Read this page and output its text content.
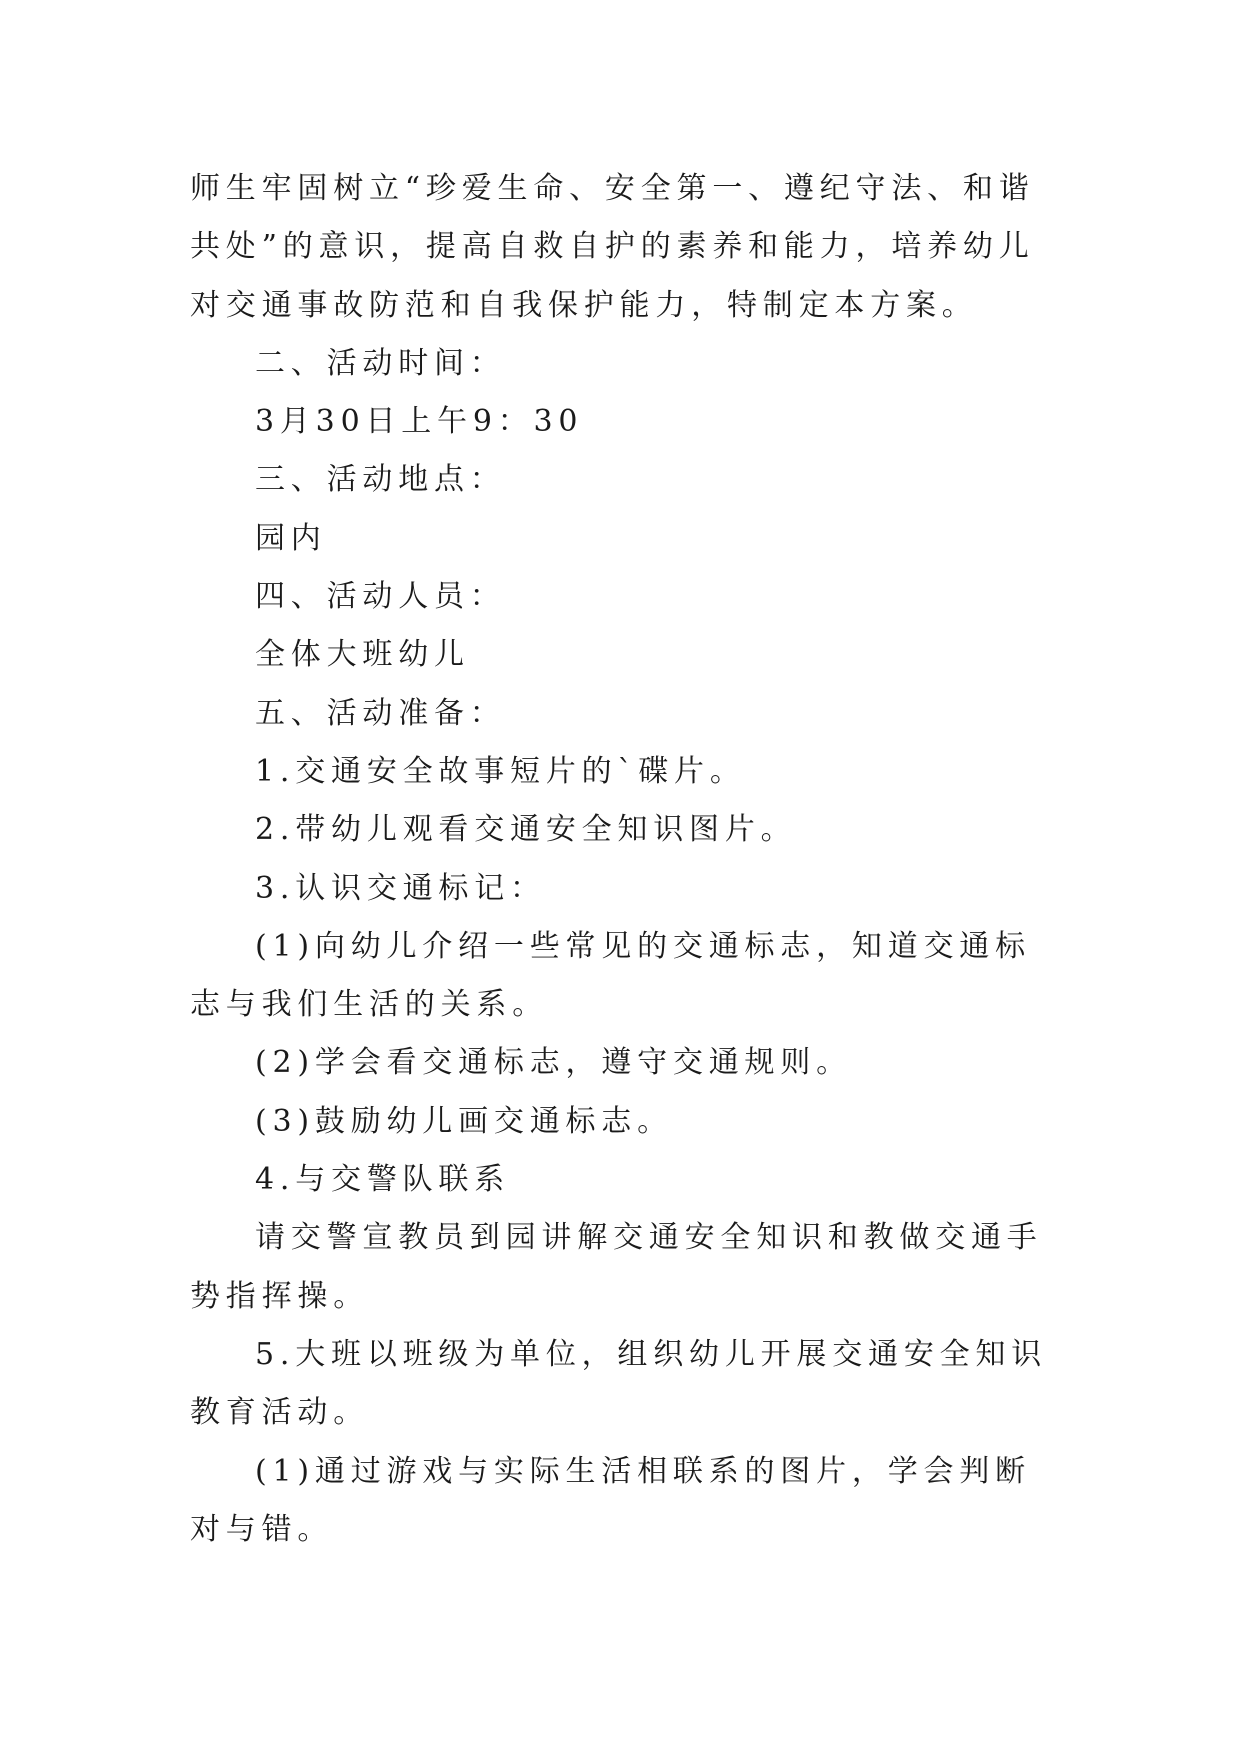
师生牢固树立“珍爱生命、安全第一、遵纪守法、和谐共处”的意识，提高自救自护的素养和能力，培养幼儿对交通事故防范和自我保护能力，特制定本方案。

二、活动时间：

3月30日上午9：30

三、活动地点：

园内

四、活动人员：

全体大班幼儿

五、活动准备：

1.交通安全故事短片的`碟片。

2.带幼儿观看交通安全知识图片。

3.认识交通标记：

(1)向幼儿介绍一些常见的交通标志，知道交通标志与我们生活的关系。

(2)学会看交通标志，遵守交通规则。

(3)鼓励幼儿画交通标志。

4.与交警队联系

请交警宣教员到园讲解交通安全知识和教做交通手势指挥操。

5.大班以班级为单位，组织幼儿开展交通安全知识教育活动。

(1)通过游戏与实际生活相联系的图片，学会判断对与错。
